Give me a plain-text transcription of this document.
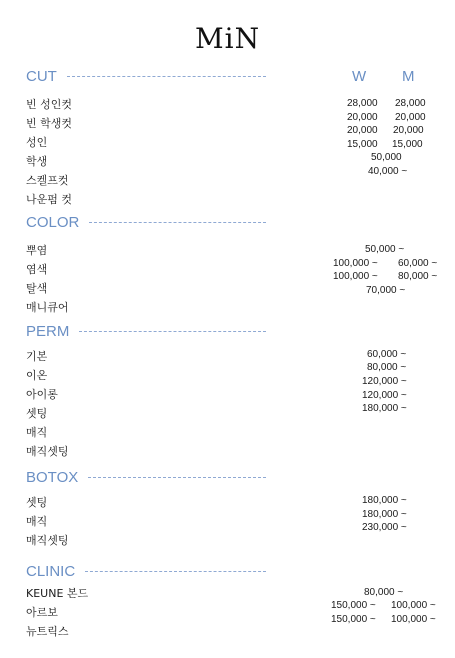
MiN
W M
CUT
빈 성인컷
빈 학생컷
성인
학생
스켈프컷
나운펌 컷
28,000 28,000
20,000 20,000
20,000 20,000
15,000 15,000
50,000
40,000 ~
COLOR
뿌염
염색
탈색
매니큐어
50,000 ~
100,000 ~ 60,000 ~
100,000 ~ 80,000 ~
70,000 ~
PERM
기본
이온
아이롱
셋팅
매직
매직셋팅
60,000 ~
80,000 ~
120,000 ~
120,000 ~
180,000 ~
BOTOX
셋팅
매직
매직셋팅
180,000 ~
180,000 ~
230,000 ~
CLINIC
KEUNE 본드
아르보
뉴트릭스
80,000 ~
150,000 ~ 100,000 ~
150,000 ~ 100,000 ~
